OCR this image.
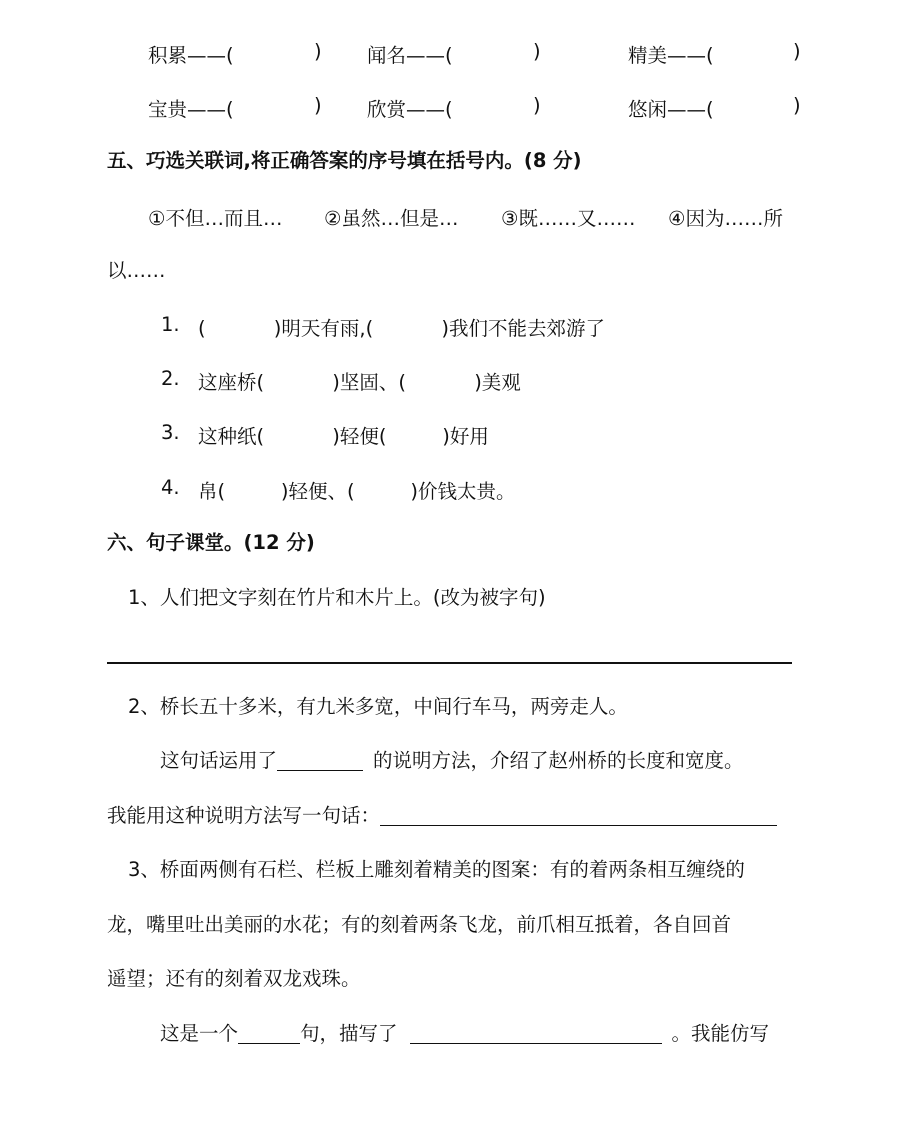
积累——(	) 闻名——(	)	精美——(	)
宝贵——(	) 欣赏——(	)	悠闲——(	)
五、巧选关联词,将正确答案的序号填在括号内。(8 分)
①不但…而且… ②虽然…但是… ③既……又…… ④因为……所
以……
1. (           )明天有雨,(           )我们不能去郊游了
2. 这座桥(           )坚固、(           )美观
3. 这种纸(           )轻便(         )好用
4. 帛(         )轻便、(         )价钱太贵。
六、句子课堂。(12 分)
1、人们把文字刻在竹片和木片上。(改为被字句)
2、桥长五十多米，有九米多宽，中间行车马，两旁走人。
这句话运用了	的说明方法，介绍了赵州桥的长度和宽度。
我能用这种说明方法写一句话：
3、桥面两侧有石栏、栏板上雕刻着精美的图案：有的着两条相互缠绕的
龙，嘴里吐出美丽的水花；有的刻着两条飞龙，前爪相互抵着，各自回首
遥望；还有的刻着双龙戏珠。
这是一个	句，描写了	。我能仿写
